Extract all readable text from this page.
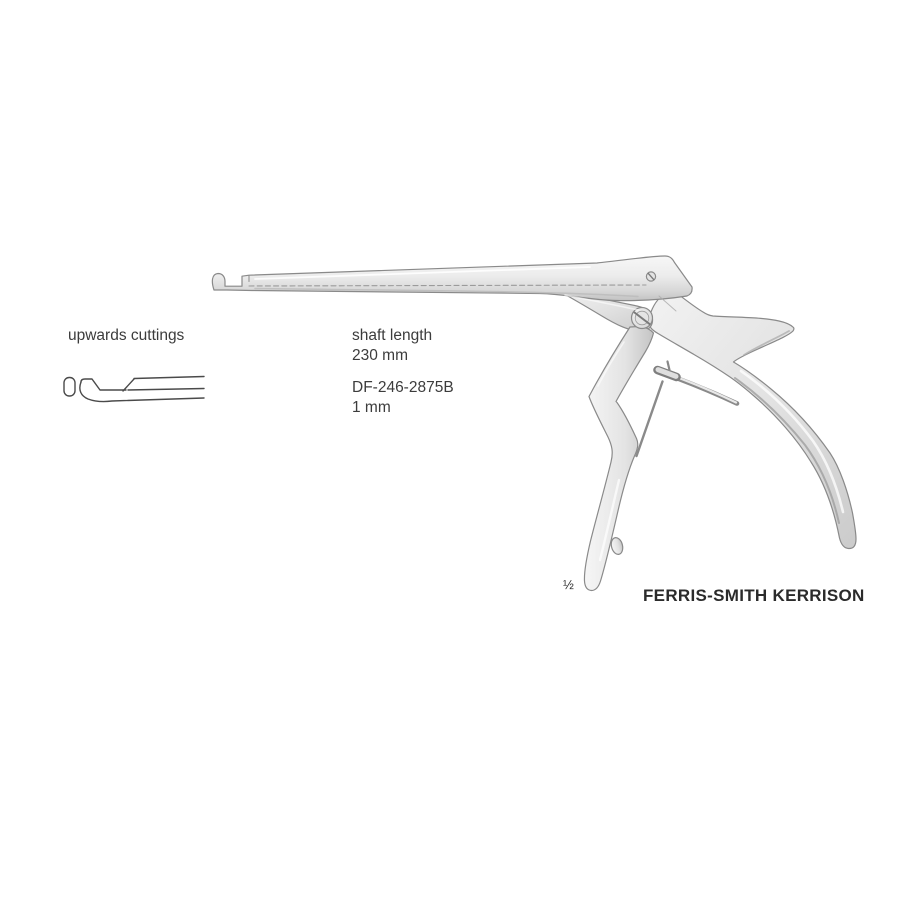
upwards cuttings	shaft length
230 mm
DF-246-2875B
1 mm
½
FERRIS-SMITH KERRISON
